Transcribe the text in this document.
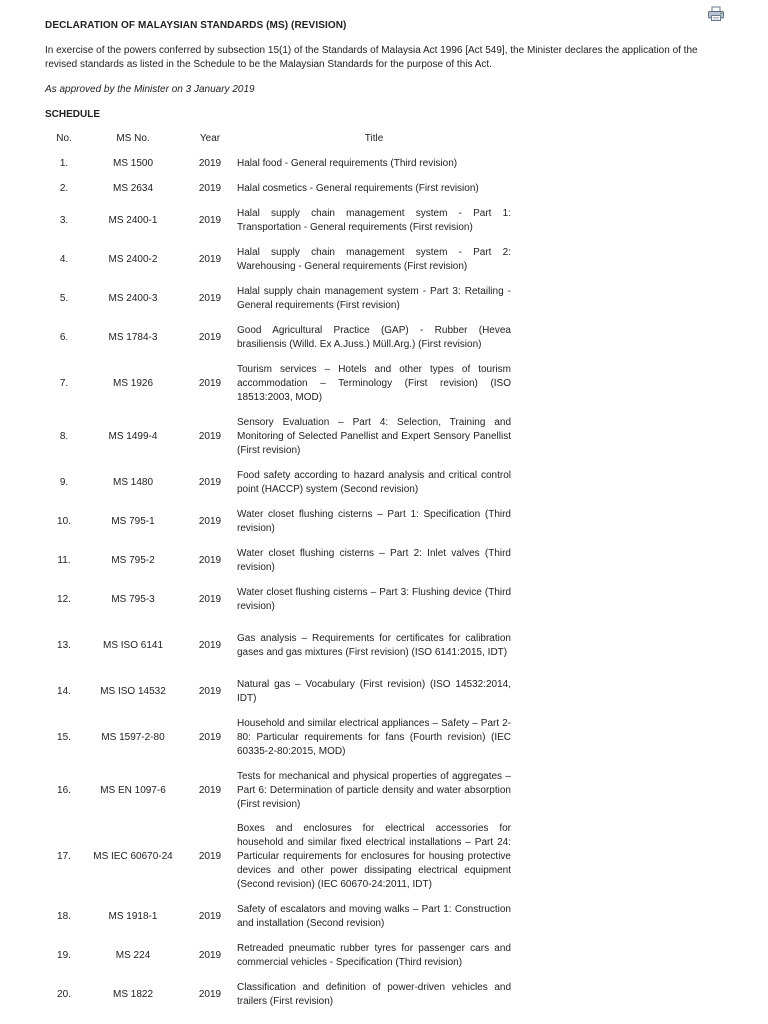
DECLARATION OF MALAYSIAN STANDARDS (MS) (REVISION)

In exercise of the powers conferred by subsection 15(1) of the Standards of Malaysia Act 1996 [Act 549], the Minister declares the application of the revised standards as listed in the Schedule to be the Malaysian Standards for the purpose of this Act.

As approved by the Minister on 3 January 2019

SCHEDULE

No.	MS No.	Year	Title
1.	MS 1500	2019	Halal food - General requirements (Third revision)
2.	MS 2634	2019	Halal cosmetics - General requirements (First revision)
3.	MS 2400-1	2019	Halal supply chain management system - Part 1: Transportation - General requirements (First revision)
4.	MS 2400-2	2019	Halal supply chain management system - Part 2: Warehousing - General requirements (First revision)
5.	MS 2400-3	2019	Halal supply chain management system - Part 3: Retailing - General requirements (First revision)
6.	MS 1784-3	2019	Good Agricultural Practice (GAP) - Rubber (Hevea brasiliensis (Willd. Ex A.Juss.) Müll.Arg.) (First revision)
7.	MS 1926	2019	Tourism services – Hotels and other types of tourism accommodation – Terminology (First revision) (ISO 18513:2003, MOD)
8.	MS 1499-4	2019	Sensory Evaluation – Part 4: Selection, Training and Monitoring of Selected Panellist and Expert Sensory Panellist (First revision)
9.	MS 1480	2019	Food safety according to hazard analysis and critical control point (HACCP) system (Second revision)
10.	MS 795-1	2019	Water closet flushing cisterns – Part 1: Specification (Third revision)
11.	MS 795-2	2019	Water closet flushing cisterns – Part 2: Inlet valves (Third revision)
12.	MS 795-3	2019	Water closet flushing cisterns – Part 3: Flushing device (Third revision)
13.	MS ISO 6141	2019	Gas analysis – Requirements for certificates for calibration gases and gas mixtures (First revision) (ISO 6141:2015, IDT)
14.	MS ISO 14532	2019	Natural gas – Vocabulary (First revision) (ISO 14532:2014, IDT)
15.	MS 1597-2-80	2019	Household and similar electrical appliances – Safety – Part 2-80: Particular requirements for fans (Fourth revision) (IEC 60335-2-80:2015, MOD)
16.	MS EN 1097-6	2019	Tests for mechanical and physical properties of aggregates – Part 6: Determination of particle density and water absorption (First revision)
17.	MS IEC 60670-24	2019	Boxes and enclosures for electrical accessories for household and similar fixed electrical installations – Part 24: Particular requirements for enclosures for housing protective devices and other power dissipating electrical equipment (Second revision) (IEC 60670-24:2011, IDT)
18.	MS 1918-1	2019	Safety of escalators and moving walks – Part 1: Construction and installation (Second revision)
19.	MS 224	2019	Retreaded pneumatic rubber tyres for passenger cars and commercial vehicles - Specification (Third revision)
20.	MS 1822	2019	Classification and definition of power-driven vehicles and trailers (First revision)
